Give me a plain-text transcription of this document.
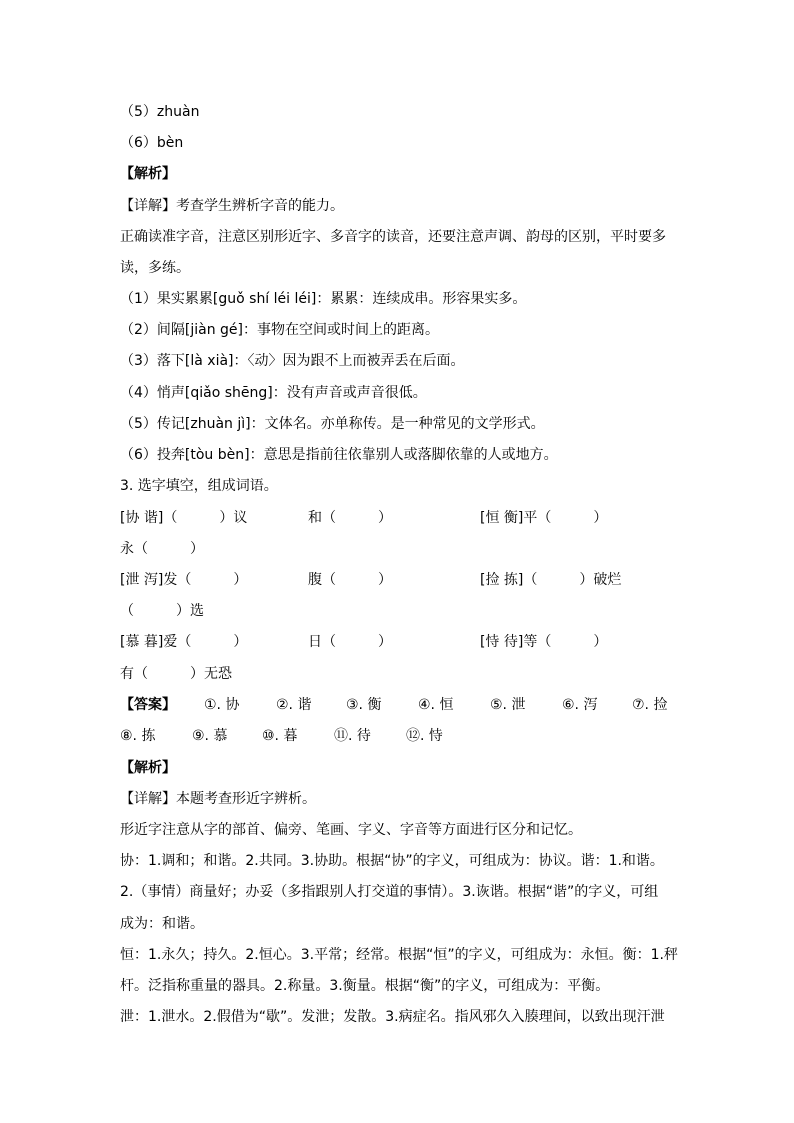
（5）zhuàn
（6）bèn
【解析】
【详解】考查学生辨析字音的能力。
正确读准字音，注意区别形近字、多音字的读音，还要注意声调、韵母的区别，平时要多
读，多练。
（1）果实累累[guǒ shí léi léi]：累累：连续成串。形容果实多。
（2）间隔[jiàn gé]：事物在空间或时间上的距离。
（3）落下[là xià]：〈动〉因为跟不上而被弄丢在后面。
（4）悄声[qiǎo shēng]：没有声音或声音很低。
（5）传记[zhuàn jì]：文体名。亦单称传。是一种常见的文学形式。
（6）投奔[tòu bèn]：意思是指前往依靠别人或落脚依靠的人或地方。
3. 选字填空，组成词语。
[协 谐]（　　　）议	和（　　　）	[恒 衡]平（　　　）
永（　　　）
[泄 泻]发（　　　）	腹（　　　）	[捡 拣]（　　　）破烂
（　　　）选
[慕 暮]爱（　　　）	日（　　　）	[恃 待]等（　　　）
有（　　　）无恐
【答案】 ①. 协	②. 谐 ③. 衡	④. 恒	⑤. 泄	⑥. 泻 ⑦. 捡
⑧. 拣	⑨. 慕 ⑩. 暮	⑪. 待	⑫. 恃
【解析】
【详解】本题考查形近字辨析。
形近字注意从字的部首、偏旁、笔画、字义、字音等方面进行区分和记忆。
协：1.调和；和谐。2.共同。3.协助。根据“协”的字义，可组成为：协议。谐：1.和谐。
2.（事情）商量好；办妥（多指跟别人打交道的事情）。3.诙谐。根据“谐”的字义，可组
成为：和谐。
恒：1.永久；持久。2.恒心。3.平常；经常。根据“恒”的字义，可组成为：永恒。衡：1.秤
杆。泛指称重量的器具。2.称量。3.衡量。根据“衡”的字义，可组成为：平衡。
泄：1.泄水。2.假借为“歇”。发泄；发散。3.病症名。指风邪久入腠理间，以致出现汗泄
